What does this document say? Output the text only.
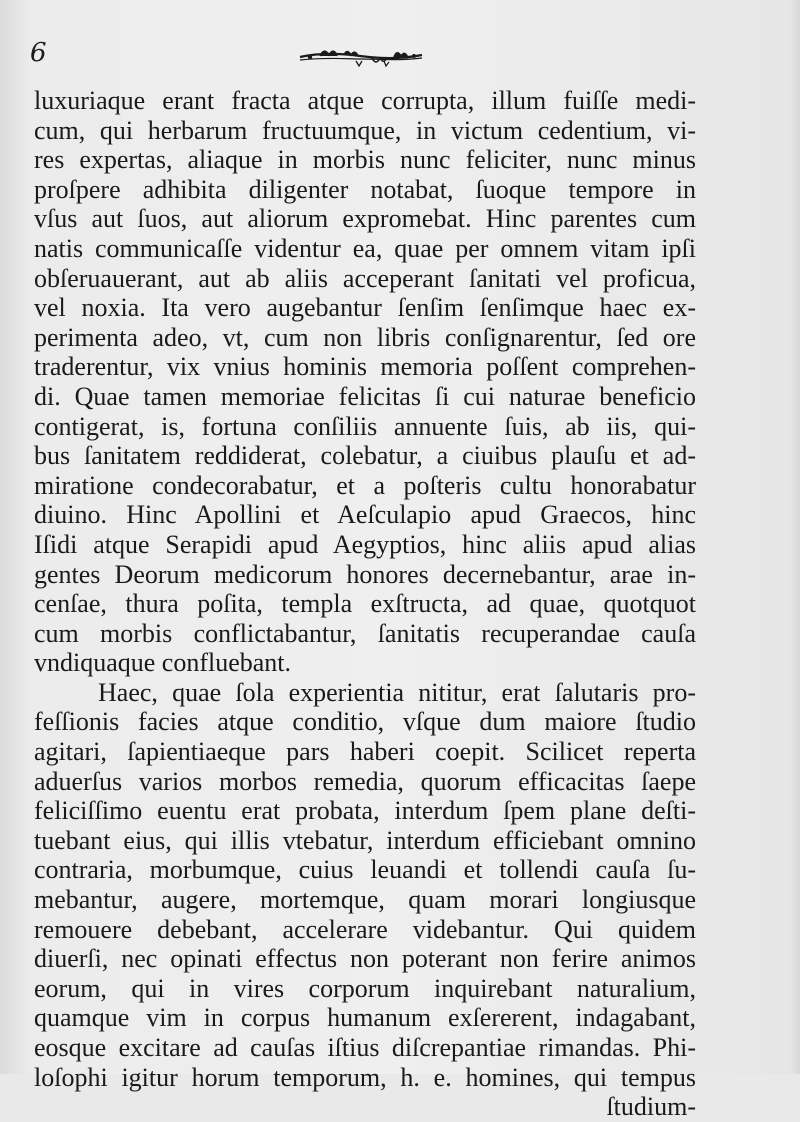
6
luxuriaque erant fracta atque corrupta, illum fuiſſe medi-
cum, qui herbarum fructuumque, in victum cedentium, vi-
res expertas, aliaque in morbis nunc feliciter, nunc minus
proſpere adhibita diligenter notabat, ſuoque tempore in
vſus aut ſuos, aut aliorum expromebat. Hinc parentes cum
natis communicaſſe videntur ea, quae per omnem vitam ipſi
obſeruauerant, aut ab aliis acceperant ſanitati vel proficua,
vel noxia. Ita vero augebantur ſenſim ſenſimque haec ex-
perimenta adeo, vt, cum non libris conſignarentur, ſed ore
traderentur, vix vnius hominis memoria poſſent comprehen-
di. Quae tamen memoriae felicitas ſi cui naturae beneficio
contigerat, is, fortuna conſiliis annuente ſuis, ab iis, qui-
bus ſanitatem reddiderat, colebatur, a ciuibus plauſu et ad-
miratione condecorabatur, et a poſteris cultu honorabatur
diuino. Hinc Apollini et Aeſculapio apud Graecos, hinc
Iſidi atque Serapidi apud Aegyptios, hinc aliis apud alias
gentes Deorum medicorum honores decernebantur, arae in-
cenſae, thura poſita, templa exſtructa, ad quae, quotquot
cum morbis conflictabantur, ſanitatis recuperandae cauſa
vndiquaque confluebant.
Haec, quae ſola experientia nititur, erat ſalutaris pro-
feſſionis facies atque conditio, vſque dum maiore ſtudio
agitari, ſapientiaeque pars haberi coepit. Scilicet reperta
aduerſus varios morbos remedia, quorum efficacitas ſaepe
feliciſſimo euentu erat probata, interdum ſpem plane deſti-
tuebant eius, qui illis vtebatur, interdum efficiebant omnino
contraria, morbumque, cuius leuandi et tollendi cauſa ſu-
mebantur, augere, mortemque, quam morari longiusque
remouere debebant, accelerare videbantur. Qui quidem
diuerſi, nec opinati effectus non poterant non ferire animos
eorum, qui in vires corporum inquirebant naturalium,
quamque vim in corpus humanum exſererent, indagabant,
eosque excitare ad cauſas iſtius diſcrepantiae rimandas. Phi-
loſophi igitur horum temporum, h. e. homines, qui tempus
ſtudium-
